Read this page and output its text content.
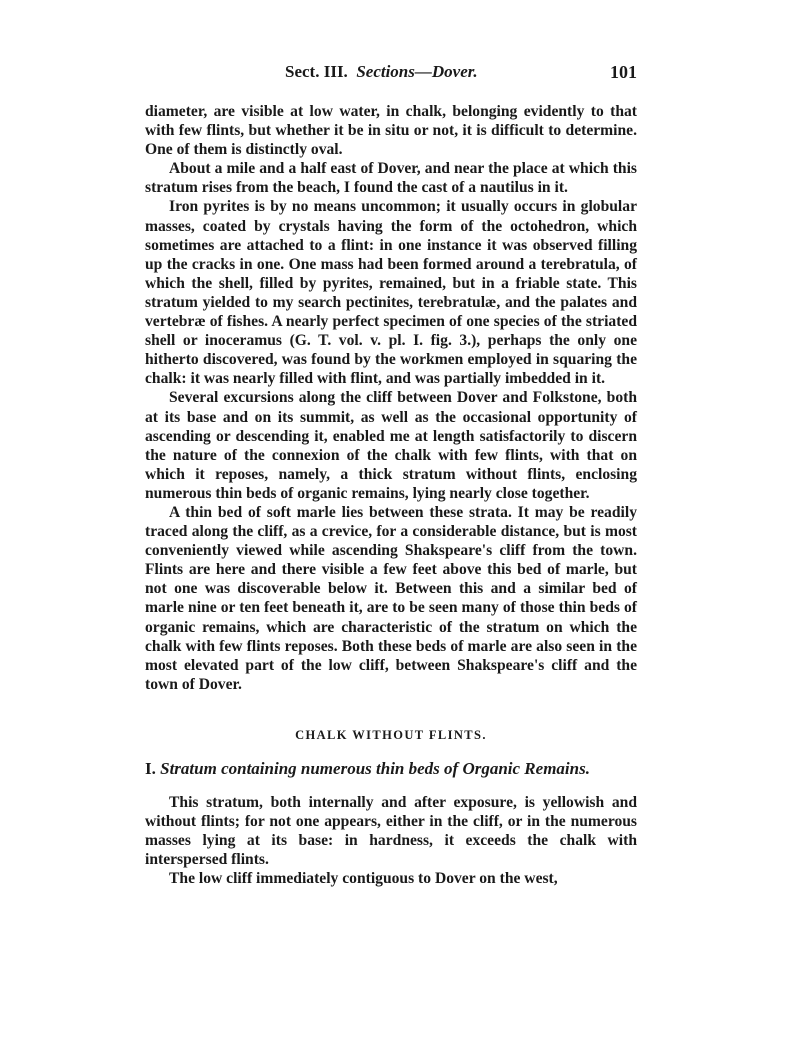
Sect. III. Sections—Dover.	101

diameter, are visible at low water, in chalk, belonging evidently to that with few flints, but whether it be in situ or not, it is difficult to determine. One of them is distinctly oval.

About a mile and a half east of Dover, and near the place at which this stratum rises from the beach, I found the cast of a nautilus in it.

Iron pyrites is by no means uncommon; it usually occurs in globular masses, coated by crystals having the form of the octohedron, which sometimes are attached to a flint: in one instance it was observed filling up the cracks in one. One mass had been formed around a terebratula, of which the shell, filled by pyrites, remained, but in a friable state. This stratum yielded to my search pectinites, terebratulæ, and the palates and vertebræ of fishes. A nearly perfect specimen of one species of the striated shell or inoceramus (G. T. vol. v. pl. I. fig. 3.), perhaps the only one hitherto discovered, was found by the workmen employed in squaring the chalk: it was nearly filled with flint, and was partially imbedded in it.

Several excursions along the cliff between Dover and Folkstone, both at its base and on its summit, as well as the occasional opportunity of ascending or descending it, enabled me at length satisfactorily to discern the nature of the connexion of the chalk with few flints, with that on which it reposes, namely, a thick stratum without flints, enclosing numerous thin beds of organic remains, lying nearly close together.

A thin bed of soft marle lies between these strata. It may be readily traced along the cliff, as a crevice, for a considerable distance, but is most conveniently viewed while ascending Shakspeare's cliff from the town. Flints are here and there visible a few feet above this bed of marle, but not one was discoverable below it. Between this and a similar bed of marle nine or ten feet beneath it, are to be seen many of those thin beds of organic remains, which are characteristic of the stratum on which the chalk with few flints reposes. Both these beds of marle are also seen in the most elevated part of the low cliff, between Shakspeare's cliff and the town of Dover.

CHALK WITHOUT FLINTS.
I. Stratum containing numerous thin beds of Organic Remains.

This stratum, both internally and after exposure, is yellowish and without flints; for not one appears, either in the cliff, or in the numerous masses lying at its base: in hardness, it exceeds the chalk with interspersed flints.

The low cliff immediately contiguous to Dover on the west,
